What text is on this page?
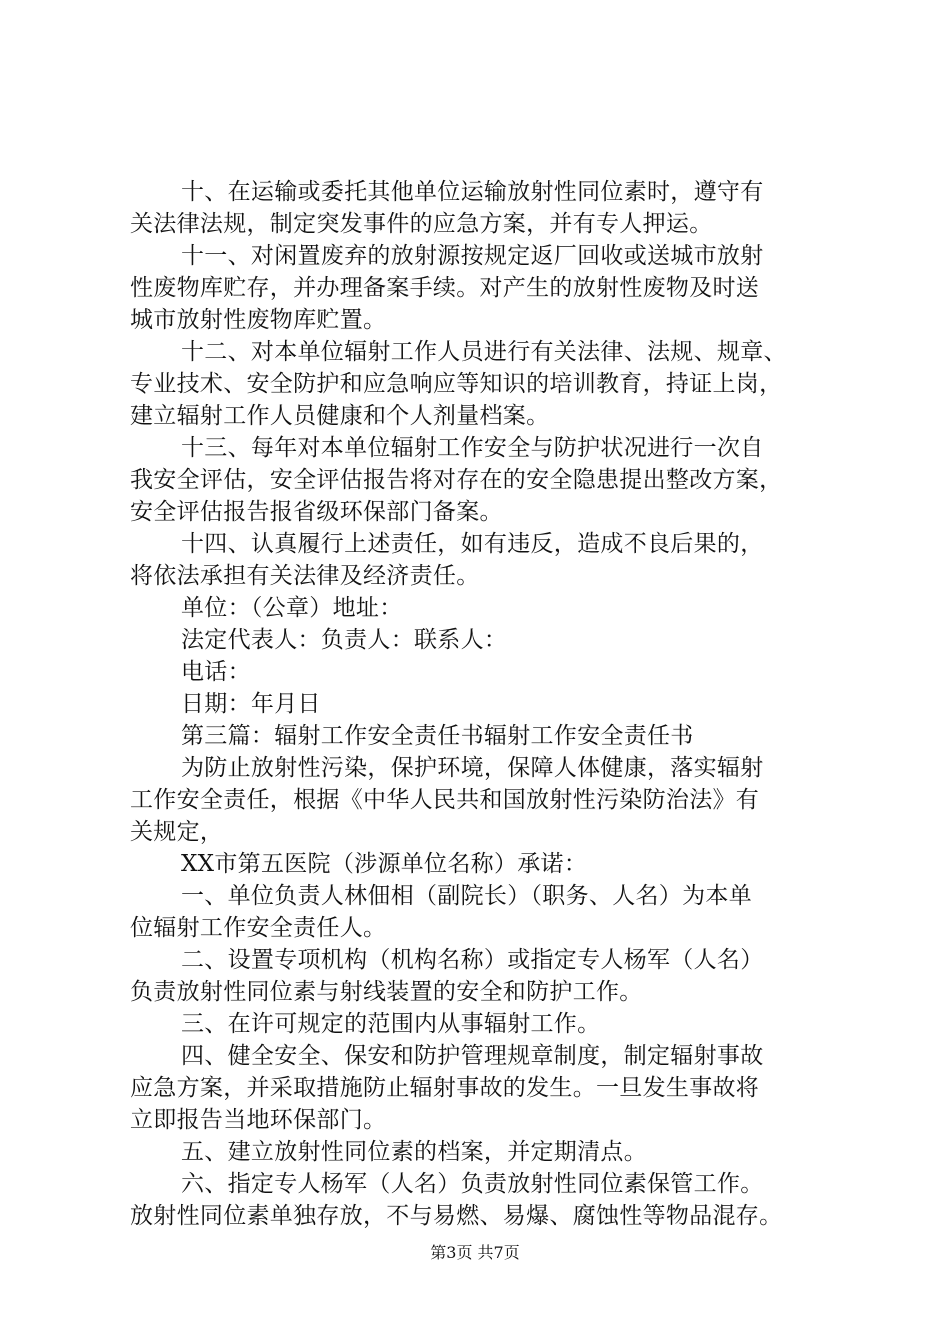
十、在运输或委托其他单位运输放射性同位素时，遵守有
关法律法规，制定突发事件的应急方案，并有专人押运。
十一、对闲置废弃的放射源按规定返厂回收或送城市放射
性废物库贮存，并办理备案手续。对产生的放射性废物及时送
城市放射性废物库贮置。
十二、对本单位辐射工作人员进行有关法律、法规、规章、
专业技术、安全防护和应急响应等知识的培训教育，持证上岗，
建立辐射工作人员健康和个人剂量档案。
十三、每年对本单位辐射工作安全与防护状况进行一次自
我安全评估，安全评估报告将对存在的安全隐患提出整改方案，
安全评估报告报省级环保部门备案。
十四、认真履行上述责任，如有违反，造成不良后果的，
将依法承担有关法律及经济责任。
单位：（公章）地址：
法定代表人：负责人：联系人：
电话：
日期：年月日
第三篇：辐射工作安全责任书辐射工作安全责任书
为防止放射性污染，保护环境，保障人体健康，落实辐射
工作安全责任，根据《中华人民共和国放射性污染防治法》有
关规定，
XX市第五医院（涉源单位名称）承诺：
一、单位负责人林佃相（副院长）（职务、人名）为本单
位辐射工作安全责任人。
二、设置专项机构（机构名称）或指定专人杨军（人名）
负责放射性同位素与射线装置的安全和防护工作。
三、在许可规定的范围内从事辐射工作。
四、健全安全、保安和防护管理规章制度，制定辐射事故
应急方案，并采取措施防止辐射事故的发生。一旦发生事故将
立即报告当地环保部门。
五、建立放射性同位素的档案，并定期清点。
六、指定专人杨军（人名）负责放射性同位素保管工作。
放射性同位素单独存放，不与易燃、易爆、腐蚀性等物品混存。
第3页 共7页
